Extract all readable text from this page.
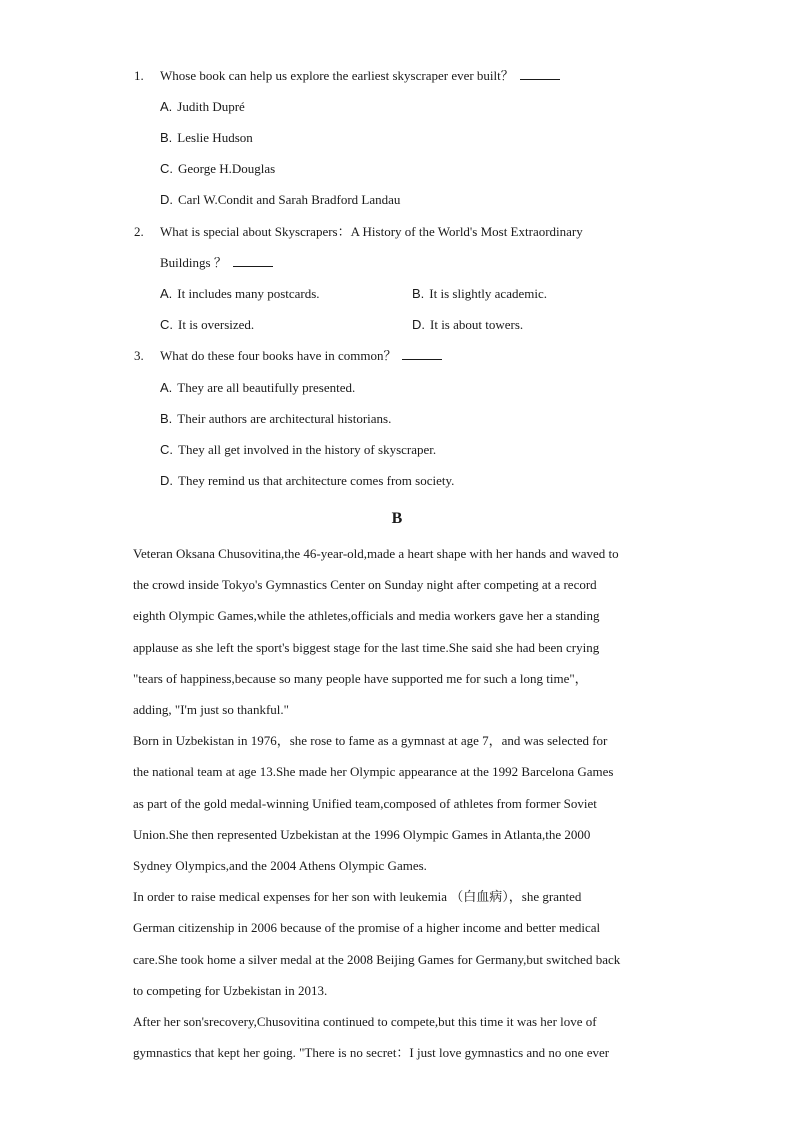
1. Whose book can help us explore the earliest skyscraper ever built？
A. Judith Dupré
B. Leslie Hudson
C. George H.Douglas
D. Carl W.Condit and Sarah Bradford Landau
2. What is special about Skyscrapers：A History of the World's Most Extraordinary
Buildings ？
A. It includes many postcards.	B. It is slightly academic.
C. It is oversized.	D. It is about towers.
3. What do these four books have in common？
A. They are all beautifully presented.
B. Their authors are architectural historians.
C. They all get involved in the history of skyscraper.
D. They remind us that architecture comes from society.
B
Veteran Oksana Chusovitina,the 46-year-old,made a heart shape with her hands and waved to
the crowd inside Tokyo's Gymnastics Center on Sunday night after competing at a record
eighth Olympic Games,while the athletes,officials and media workers gave her a standing
applause as she left the sport's biggest stage for the last time.She said she had been crying
"tears of happiness,because so many people have supported me for such a long time"，
adding, "I'm just so thankful."
Born in Uzbekistan in 1976，she rose to fame as a gymnast at age 7，and was selected for
the national team at age 13.She made her Olympic appearance at the 1992 Barcelona Games
as part of the gold medal-winning Unified team,composed of athletes from former Soviet
Union.She then represented Uzbekistan at the 1996 Olympic Games in Atlanta,the 2000
Sydney Olympics,and the 2004 Athens Olympic Games.
In order to raise medical expenses for her son with leukemia （白血病），she granted
German citizenship in 2006 because of the promise of a higher income and better medical
care.She took home a silver medal at the 2008 Beijing Games for Germany,but switched back
to competing for Uzbekistan in 2013.
After her son'srecovery,Chusovitina continued to compete,but this time it was her love of
gymnastics that kept her going. "There is no secret：I just love gymnastics and no one ever
